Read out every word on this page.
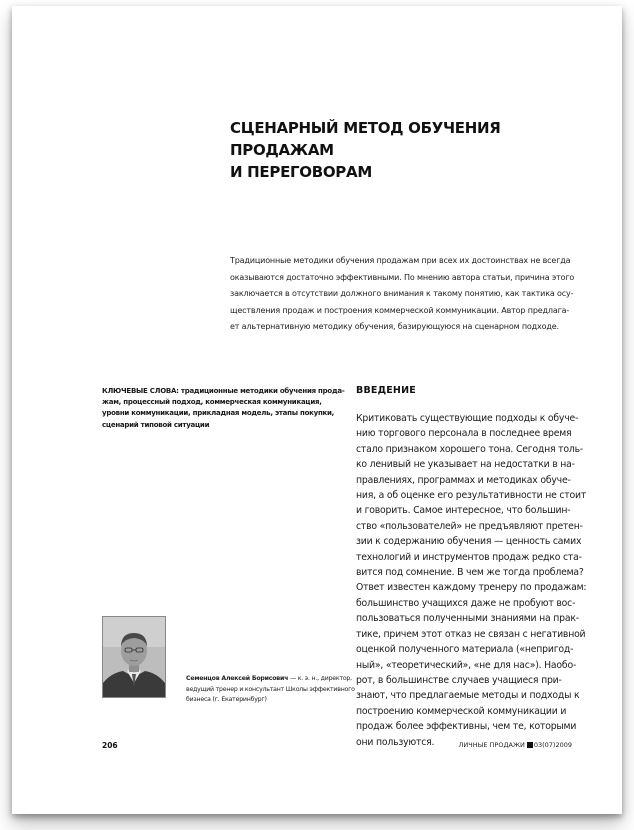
СЦЕНАРНЫЙ МЕТОД ОБУЧЕНИЯ ПРОДАЖАМ
И ПЕРЕГОВОРАМ
Традиционные методики обучения продажам при всех их достоинствах не всегда
оказываются достаточно эффективными. По мнению автора статьи, причина этого
заключается в отсутствии должного внимания к такому понятию, как тактика осу-
ществления продаж и построения коммерческой коммуникации. Автор предлага-
ет альтернативную методику обучения, базирующуюся на сценарном подходе.
КЛЮЧЕВЫЕ СЛОВА: традиционные методики обучения прода-
жам, процессный подход, коммерческая коммуникация,
уровни коммуникации, прикладная модель, этапы покупки,
сценарий типовой ситуации
ВВЕДЕНИЕ
Критиковать существующие подходы к обуче-
нию торгового персонала в последнее время
стало признаком хорошего тона. Сегодня толь-
ко ленивый не указывает на недостатки в на-
правлениях, программах и методиках обуче-
ния, а об оценке его результативности не стоит
и говорить. Самое интересное, что большин-
ство «пользователей» не предъявляют претен-
зии к содержанию обучения — ценность самих
технологий и инструментов продаж редко ста-
вится под сомнение. В чем же тогда проблема?
Ответ известен каждому тренеру по продажам:
большинство учащихся даже не пробуют вос-
пользоваться полученными знаниями на прак-
тике, причем этот отказ не связан с негативной
оценкой полученного материала («непригод-
ный», «теоретический», «не для нас»). Наобо-
рот, в большинстве случаев учащиеся при-
знают, что предлагаемые методы и подходы к
построению коммерческой коммуникации и
продаж более эффективны, чем те, которыми
они пользуются.
Семенцов Алексей Борисович — к. э. н., директор,
ведущий тренер и консультант Школы эффективного
бизнеса (г. Екатеринбург)
206	ЛИЧНЫЕ ПРОДАЖИ 03(07)2009
